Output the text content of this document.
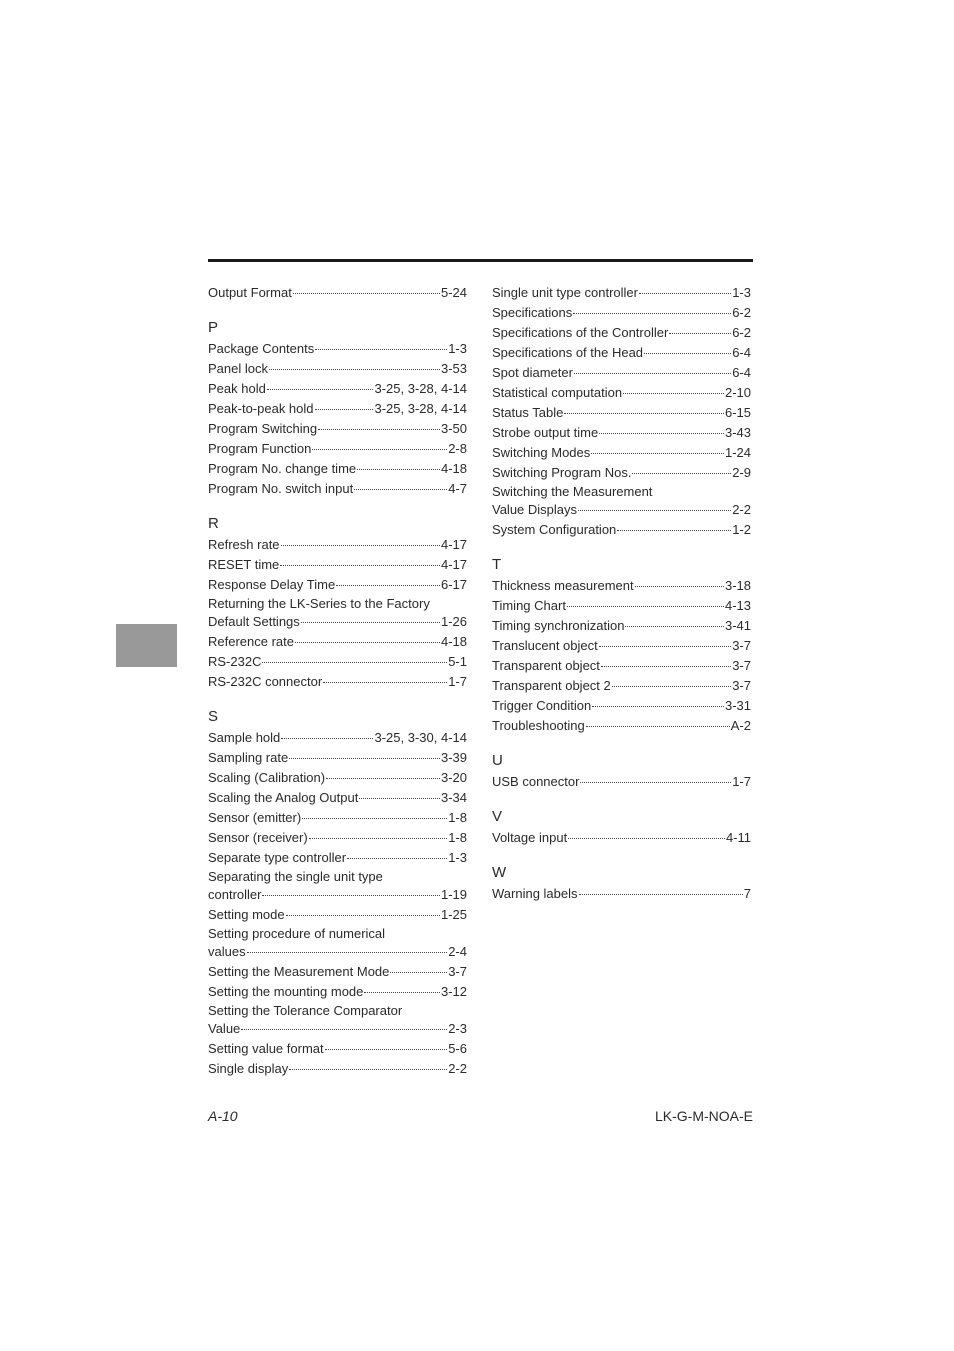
Output Format	5-24
P
Package Contents	1-3
Panel lock	3-53
Peak hold	3-25, 3-28, 4-14
Peak-to-peak hold	3-25, 3-28, 4-14
Program Switching	3-50
Program Function	2-8
Program No. change time	4-18
Program No. switch input	4-7
R
Refresh rate	4-17
RESET time	4-17
Response Delay Time	6-17
Returning the LK-Series to the Factory
Default Settings	1-26
Reference rate	4-18
RS-232C	5-1
RS-232C connector	1-7
S
Sample hold	3-25, 3-30, 4-14
Sampling rate	3-39
Scaling (Calibration)	3-20
Scaling the Analog Output	3-34
Sensor (emitter)	1-8
Sensor (receiver)	1-8
Separate type controller	1-3
Separating the single unit type
controller	1-19
Setting mode	1-25
Setting procedure of numerical
values	2-4
Setting the Measurement Mode	3-7
Setting the mounting mode	3-12
Setting the Tolerance Comparator
Value	2-3
Setting value format	5-6
Single display	2-2
Single unit type controller	1-3
Specifications	6-2
Specifications of the Controller	6-2
Specifications of the Head	6-4
Spot diameter	6-4
Statistical computation	2-10
Status Table	6-15
Strobe output time	3-43
Switching Modes	1-24
Switching Program Nos.	2-9
Switching the Measurement
Value Displays	2-2
System Configuration	1-2
T
Thickness measurement	3-18
Timing Chart	4-13
Timing synchronization	3-41
Translucent object	3-7
Transparent object	3-7
Transparent object 2	3-7
Trigger Condition	3-31
Troubleshooting	A-2
U
USB connector	1-7
V
Voltage input	4-11
W
Warning labels	7
A-10	LK-G-M-NOA-E
